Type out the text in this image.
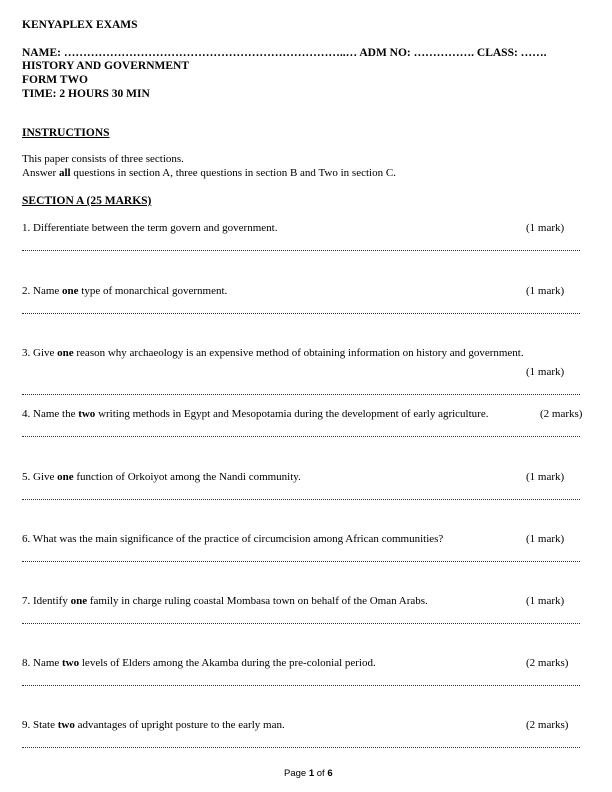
KENYAPLEX EXAMS
NAME: ………………………………………………………………..… ADM NO: ……………. CLASS: …….
HISTORY AND GOVERNMENT
FORM TWO
TIME: 2 HOURS 30 MIN
INSTRUCTIONS
This paper consists of three sections.
Answer all questions in section A, three questions in section B and Two in section C.
SECTION A (25 MARKS)
1. Differentiate between the term govern and government.	(1 mark)
2. Name one type of monarchical government.	(1 mark)
3. Give one reason why archaeology is an expensive method of obtaining information on history and government.
(1 mark)
4. Name the two writing methods in Egypt and Mesopotamia during the development of early agriculture.	(2 marks)
5. Give one function of Orkoiyot among the Nandi community.	(1 mark)
6. What was the main significance of the practice of circumcision among African communities?	(1 mark)
7. Identify one family in charge ruling coastal Mombasa town on behalf of the Oman Arabs.	(1 mark)
8. Name two levels of Elders among the Akamba during the pre-colonial period.	(2 marks)
9. State two advantages of upright posture to the early man.	(2 marks)
Page 1 of 6
